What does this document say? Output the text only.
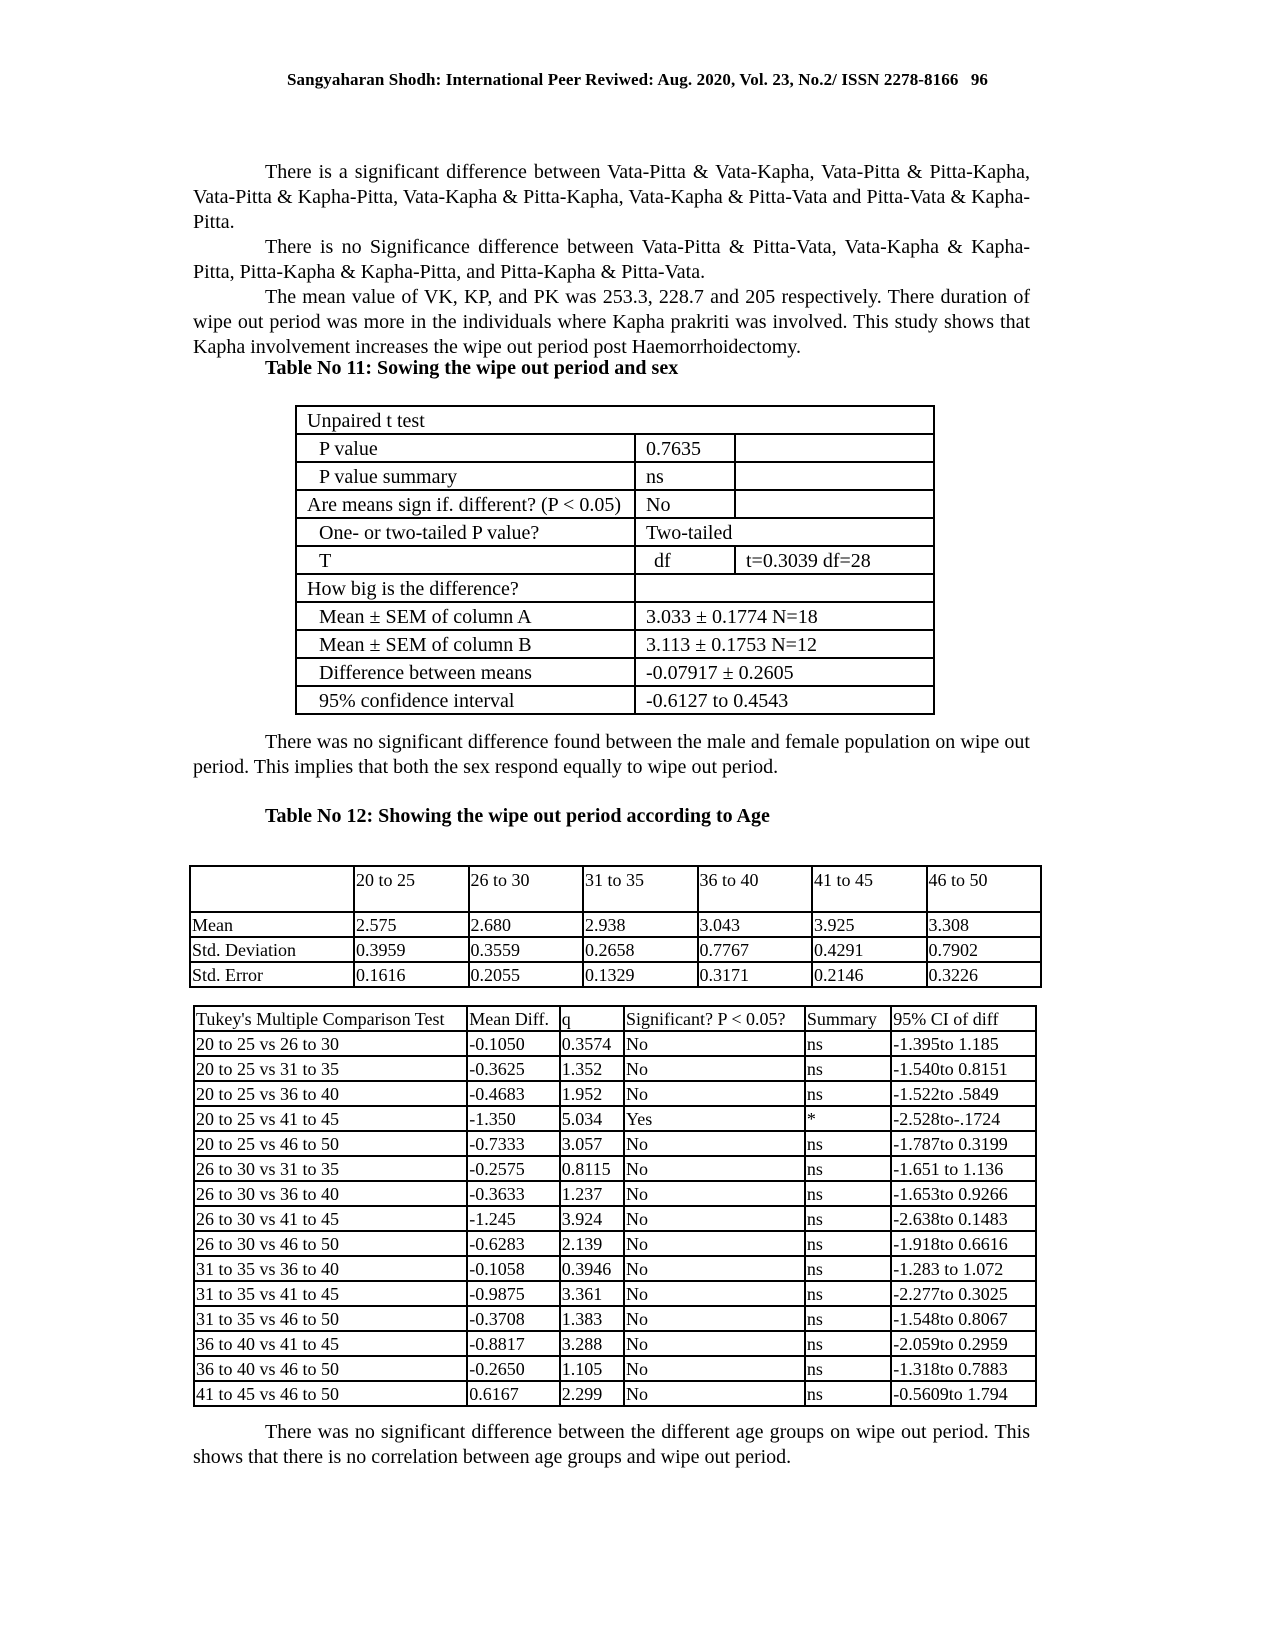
Sangyaharan Shodh: International Peer Reviwed: Aug. 2020, Vol. 23, No.2/ ISSN 2278-8166 96

There is a significant difference between Vata-Pitta & Vata-Kapha, Vata-Pitta & Pitta-Kapha, Vata-Pitta & Kapha-Pitta, Vata-Kapha & Pitta-Kapha, Vata-Kapha & Pitta-Vata and Pitta-Vata & Kapha-Pitta.

There is no Significance difference between Vata-Pitta & Pitta-Vata, Vata-Kapha & Kapha-Pitta, Pitta-Kapha & Kapha-Pitta, and Pitta-Kapha & Pitta-Vata.

The mean value of VK, KP, and PK was 253.3, 228.7 and 205 respectively. There duration of wipe out period was more in the individuals where Kapha prakriti was involved. This study shows that Kapha involvement increases the wipe out period post Haemorrhoidectomy.

Table No 11: Sowing the wipe out period and sex
Unpaired t test		
P value	0.7635	
P value summary	ns	
Are means sign if. different? (P < 0.05)	No	
One- or two-tailed P value?	Two-tailed	
T	df	t=0.3039 df=28
How big is the difference?		
Mean ± SEM of column A	3.033 ± 0.1774 N=18	
Mean ± SEM of column B	3.113 ± 0.1753 N=12	
Difference between means	-0.07917 ± 0.2605	
95% confidence interval	-0.6127 to 0.4543	

There was no significant difference found between the male and female population on wipe out period. This implies that both the sex respond equally to wipe out period.

Table No 12: Showing the wipe out period according to Age
	20 to 25	26 to 30	31 to 35	36 to 40	41 to 45	46 to 50
Mean	2.575	2.680	2.938	3.043	3.925	3.308
Std. Deviation	0.3959	0.3559	0.2658	0.7767	0.4291	0.7902
Std. Error	0.1616	0.2055	0.1329	0.3171	0.2146	0.3226
Tukey's Multiple Comparison Test	Mean Diff.	q	Significant? P < 0.05?	Summary	95% CI of diff
20 to 25 vs 26 to 30	-0.1050	0.3574	No	ns	-1.395to 1.185
20 to 25 vs 31 to 35	-0.3625	1.352	No	ns	-1.540to 0.8151
20 to 25 vs 36 to 40	-0.4683	1.952	No	ns	-1.522to .5849
20 to 25 vs 41 to 45	-1.350	5.034	Yes	*	-2.528to-.1724
20 to 25 vs 46 to 50	-0.7333	3.057	No	ns	-1.787to 0.3199
26 to 30 vs 31 to 35	-0.2575	0.8115	No	ns	-1.651 to 1.136
26 to 30 vs 36 to 40	-0.3633	1.237	No	ns	-1.653to 0.9266
26 to 30 vs 41 to 45	-1.245	3.924	No	ns	-2.638to 0.1483
26 to 30 vs 46 to 50	-0.6283	2.139	No	ns	-1.918to 0.6616
31 to 35 vs 36 to 40	-0.1058	0.3946	No	ns	-1.283 to 1.072
31 to 35 vs 41 to 45	-0.9875	3.361	No	ns	-2.277to 0.3025
31 to 35 vs 46 to 50	-0.3708	1.383	No	ns	-1.548to 0.8067
36 to 40 vs 41 to 45	-0.8817	3.288	No	ns	-2.059to 0.2959
36 to 40 vs 46 to 50	-0.2650	1.105	No	ns	-1.318to 0.7883
41 to 45 vs 46 to 50	0.6167	2.299	No	ns	-0.5609to 1.794

There was no significant difference between the different age groups on wipe out period. This shows that there is no correlation between age groups and wipe out period.
